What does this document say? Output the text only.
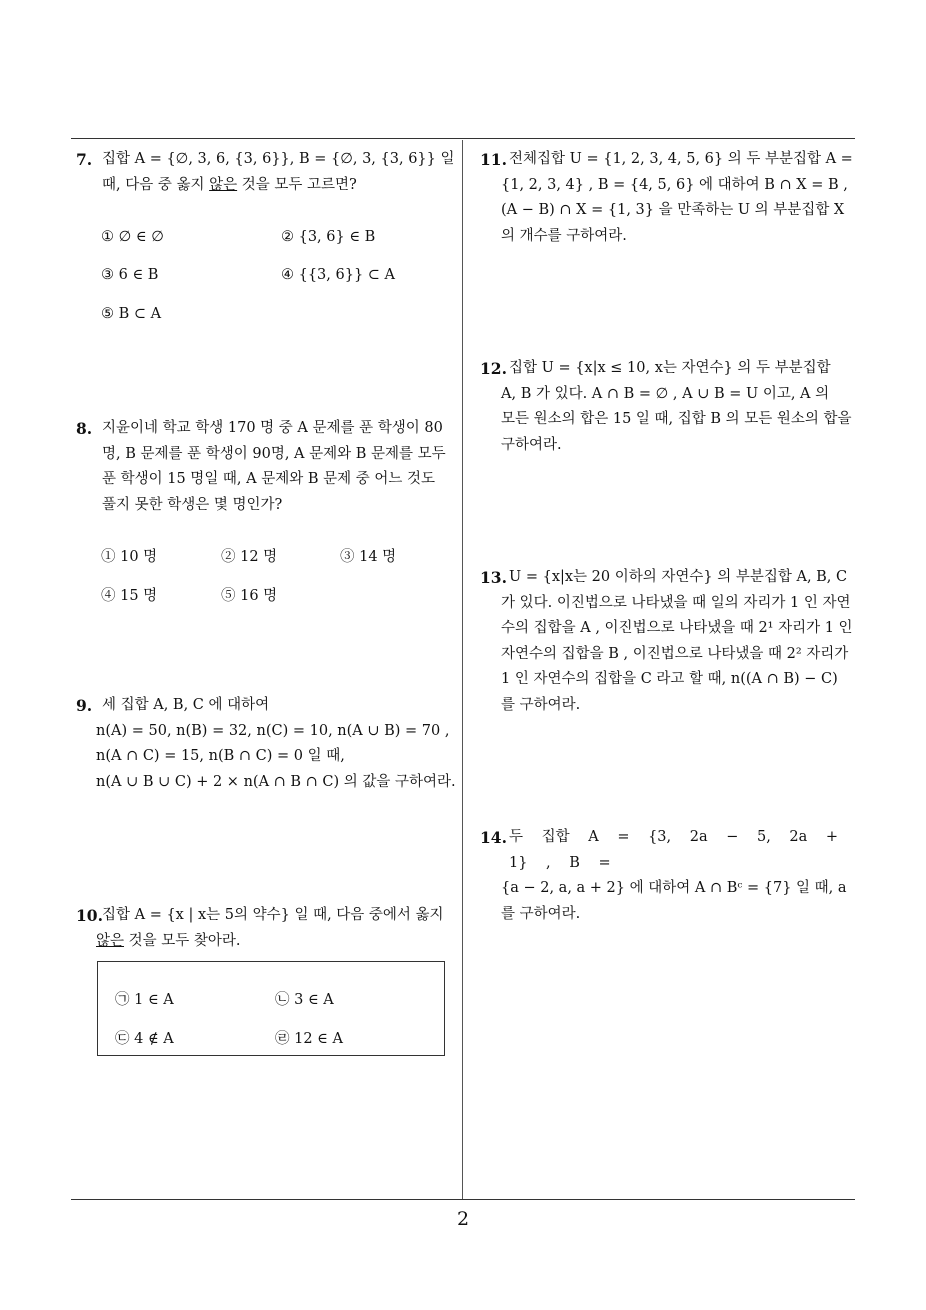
2
7. 집합 A = {∅, 3, 6, {3, 6}}, B = {∅, 3, {3, 6}} 일
때, 다음 중 옳지 않은 것을 모두 고르면?
① ∅ ∈ ∅	② {3, 6} ∈ B
③ 6 ∈ B	④ {{3, 6}} ⊂ A
⑤ B ⊂ A
8. 지윤이네 학교 학생 170 명 중 A 문제를 푼 학생이 80
명, B 문제를 푼 학생이 90명, A 문제와 B 문제를 모두
푼 학생이 15 명일 때, A 문제와 B 문제 중 어느 것도
풀지 못한 학생은 몇 명인가?
① 10 명	② 12 명	③ 14 명
④ 15 명	⑤ 16 명
9. 세 집합 A, B, C 에 대하여
n(A) = 50, n(B) = 32, n(C) = 10, n(A ∪ B) = 70 ,
n(A ∩ C) = 15, n(B ∩ C) = 0 일 때,
n(A ∪ B ∪ C) + 2 × n(A ∩ B ∩ C) 의 값을 구하여라.
10. 집합 A = {x | x는 5의 약수} 일 때, 다음 중에서 옳지
않은 것을 모두 찾아라.
㉠ 1 ∈ A	㉡ 3 ∈ A
㉢ 4 ∉ A	㉣ 12 ∈ A
11. 전체집합 U = {1, 2, 3, 4, 5, 6} 의 두 부분집합 A =
{1, 2, 3, 4} , B = {4, 5, 6} 에 대하여 B ∩ X = B ,
(A − B) ∩ X = {1, 3} 을 만족하는 U 의 부분집합 X
의 개수를 구하여라.
12. 집합 U = {x|x ≤ 10, x는 자연수} 의 두 부분집합
A, B 가 있다. A ∩ B = ∅ , A ∪ B = U 이고, A 의
모든 원소의 합은 15 일 때, 집합 B 의 모든 원소의 합을
구하여라.
13. U = {x|x는 20 이하의 자연수} 의 부분집합 A, B, C
가 있다. 이진법으로 나타냈을 때 일의 자리가 1 인 자연
수의 집합을 A , 이진법으로 나타냈을 때 2¹ 자리가 1 인
자연수의 집합을 B , 이진법으로 나타냈을 때 2² 자리가
1 인 자연수의 집합을 C 라고 할 때, n((A ∩ B) − C)
를 구하여라.
14. 두 집합 A = {3, 2a − 5, 2a + 1} , B =
{a − 2, a, a + 2} 에 대하여 A ∩ Bᶜ = {7} 일 때, a
를 구하여라.
